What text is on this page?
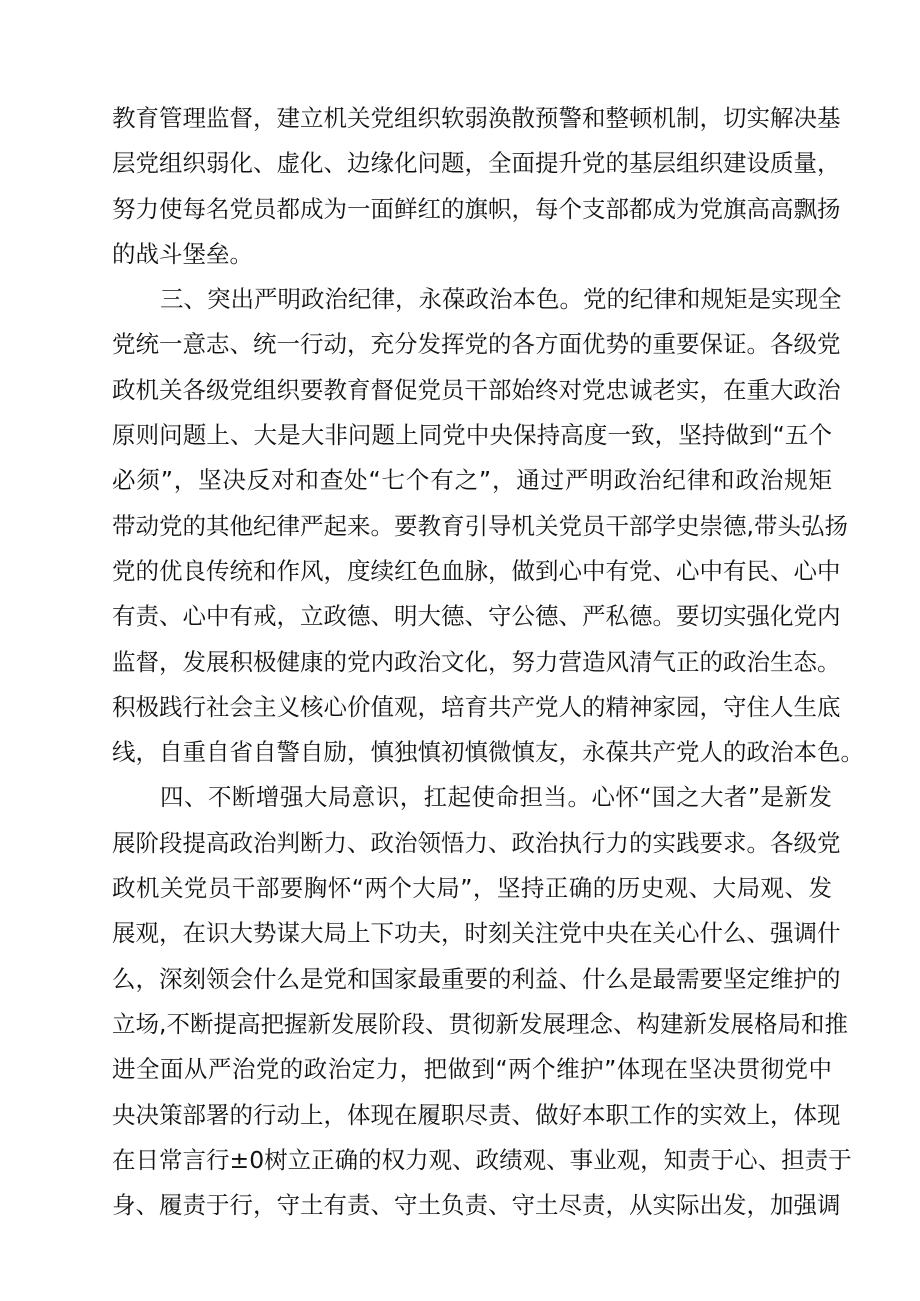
教育管理监督，建立机关党组织软弱涣散预警和整顿机制，切实解决基
层党组织弱化、虚化、边缘化问题，全面提升党的基层组织建设质量，
努力使每名党员都成为一面鲜红的旗帜，每个支部都成为党旗高高飘扬
的战斗堡垒。
三、突出严明政治纪律，永葆政治本色。党的纪律和规矩是实现全
党统一意志、统一行动，充分发挥党的各方面优势的重要保证。各级党
政机关各级党组织要教育督促党员干部始终对党忠诚老实，在重大政治
原则问题上、大是大非问题上同党中央保持高度一致，坚持做到“五个
必须”，坚决反对和查处“七个有之”，通过严明政治纪律和政治规矩
带动党的其他纪律严起来。要教育引导机关党员干部学史崇德,带头弘扬
党的优良传统和作风，度续红色血脉，做到心中有党、心中有民、心中
有责、心中有戒，立政德、明大德、守公德、严私德。要切实强化党内
监督，发展积极健康的党内政治文化，努力营造风清气正的政治生态。
积极践行社会主义核心价值观，培育共产党人的精神家园，守住人生底
线，自重自省自警自励，慎独慎初慎微慎友，永葆共产党人的政治本色。
四、不断增强大局意识，扛起使命担当。心怀“国之大者”是新发
展阶段提高政治判断力、政治领悟力、政治执行力的实践要求。各级党
政机关党员干部要胸怀“两个大局”，坚持正确的历史观、大局观、发
展观，在识大势谋大局上下功夫，时刻关注党中央在关心什么、强调什
么，深刻领会什么是党和国家最重要的利益、什么是最需要坚定维护的
立场,不断提高把握新发展阶段、贯彻新发展理念、构建新发展格局和推
进全面从严治党的政治定力，把做到“两个维护”体现在坚决贯彻党中
央决策部署的行动上，体现在履职尽责、做好本职工作的实效上，体现
在日常言行±0树立正确的权力观、政绩观、事业观，知责于心、担责于
身、履责于行，守土有责、守土负责、守土尽责，从实际出发，加强调
